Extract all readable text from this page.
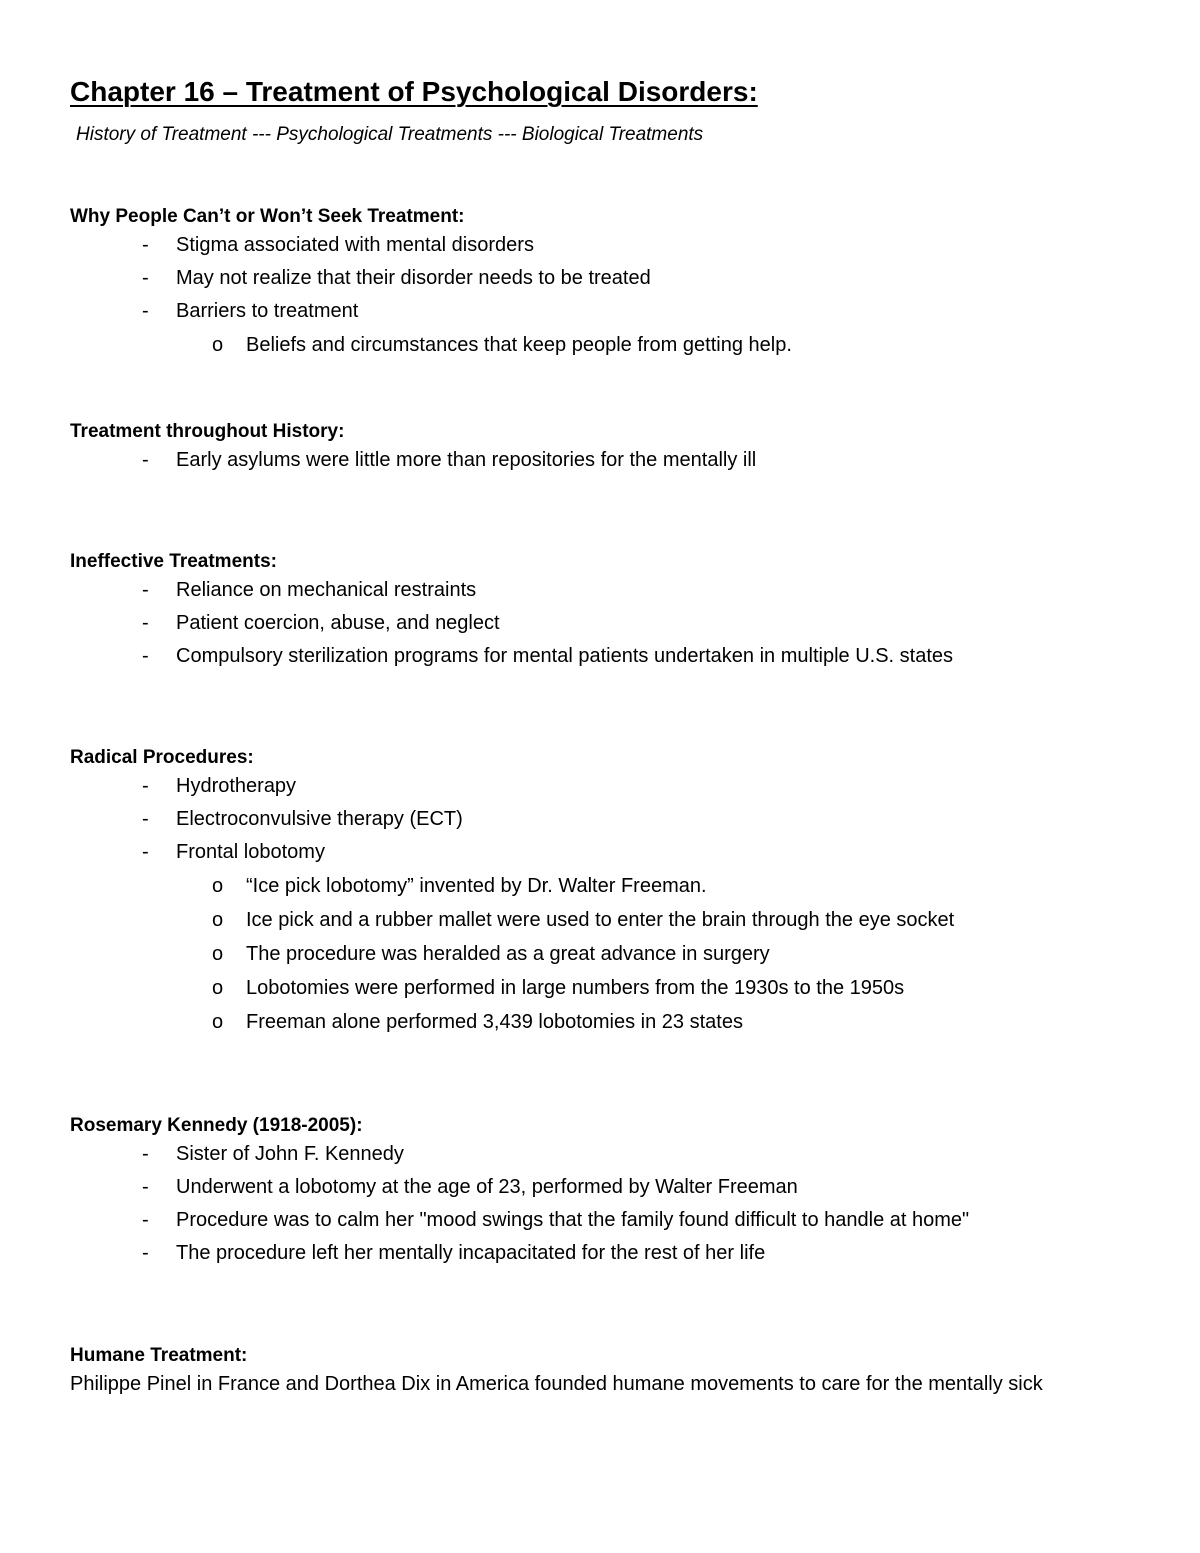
Chapter 16 – Treatment of Psychological Disorders:
History of Treatment --- Psychological Treatments --- Biological Treatments
Why People Can’t or Won’t Seek Treatment:
- Stigma associated with mental disorders
- May not realize that their disorder needs to be treated
- Barriers to treatment
o Beliefs and circumstances that keep people from getting help.
Treatment throughout History:
- Early asylums were little more than repositories for the mentally ill
Ineffective Treatments:
- Reliance on mechanical restraints
- Patient coercion, abuse, and neglect
- Compulsory sterilization programs for mental patients undertaken in multiple U.S. states
Radical Procedures:
- Hydrotherapy
- Electroconvulsive therapy (ECT)
- Frontal lobotomy
o “Ice pick lobotomy” invented by Dr. Walter Freeman.
o Ice pick and a rubber mallet were used to enter the brain through the eye socket
o The procedure was heralded as a great advance in surgery
o Lobotomies were performed in large numbers from the 1930s to the 1950s
o Freeman alone performed 3,439 lobotomies in 23 states
Rosemary Kennedy (1918-2005):
- Sister of John F. Kennedy
- Underwent a lobotomy at the age of 23, performed by Walter Freeman
- Procedure was to calm her "mood swings that the family found difficult to handle at home"
- The procedure left her mentally incapacitated for the rest of her life
Humane Treatment:
Philippe Pinel in France and Dorthea Dix in America founded humane movements to care for the mentally sick
